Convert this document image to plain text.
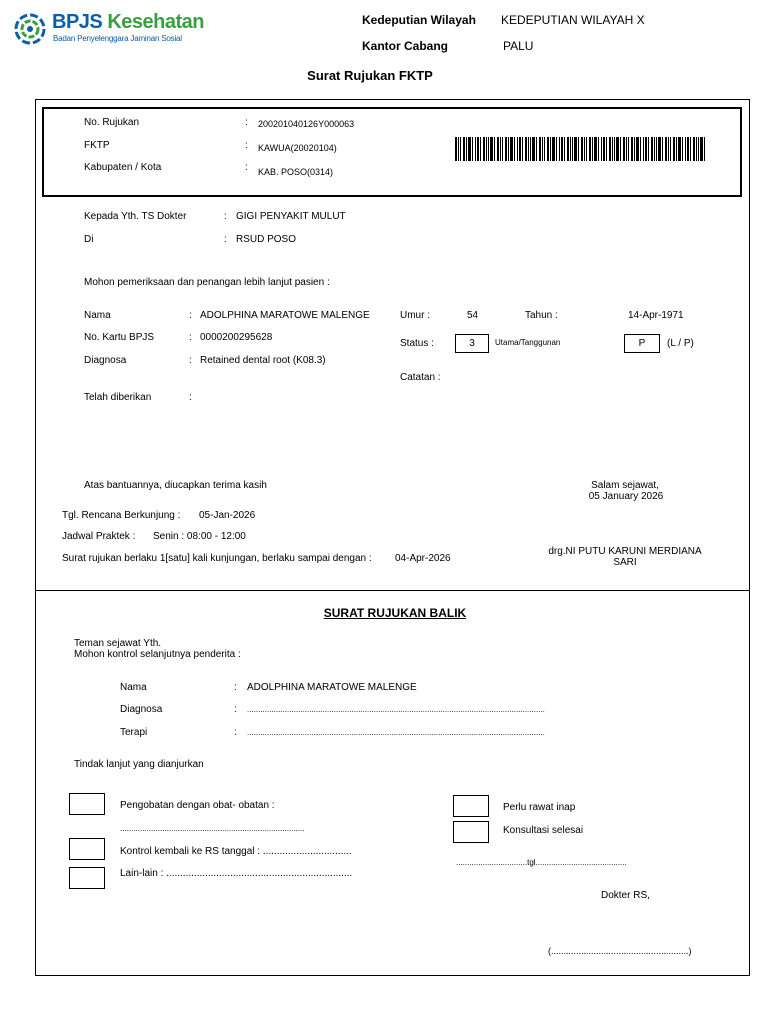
BPJS Kesehatan
Badan Penyelenggara Jaminan Sosial
Kedeputian Wilayah KEDEPUTIAN WILAYAH X
Kantor Cabang	PALU
Surat Rujukan FKTP
No. Rujukan	: 200201040126Y000063
FKTP	: KAWUA(20020104)
Kabupaten / Kota	: KAB. POSO(0314)
Kepada Yth. TS Dokter	: GIGI PENYAKIT MULUT
Di	: RSUD POSO
Mohon pemeriksaan dan penangan lebih lanjut pasien :
Nama	: ADOLPHINA MARATOWE MALENGE
No. Kartu BPJS	: 0000200295628
Diagnosa	: Retained dental root (K08.3)
Telah diberikan	:
Umur :	54	Tahun :	14-Apr-1971
Status :	3	Utama/Tanggunan	P	(L / P)
Catatan :
Atas bantuannya, diucapkan terima kasih	Salam sejawat,
05 January 2026
Tgl. Rencana Berkunjung : 05-Jan-2026
Jadwal Praktek : Senin : 08:00 - 12:00
Surat rujukan berlaku 1[satu] kali kunjungan, berlaku sampai dengan : 04-Apr-2026
drg.NI PUTU KARUNI MERDIANA
SARI
SURAT RUJUKAN BALIK
Teman sejawat Yth.
Mohon kontrol selanjutnya penderita :
Nama	: ADOLPHINA MARATOWE MALENGE
Diagnosa	: ......................................................................................................................................
Terapi	: ......................................................................................................................................
Tindak lanjut yang dianjurkan
Pengobatan dengan obat- obatan :
...................................................................................
Kontrol kembali ke RS tanggal : ................................
Lain-lain : ...................................................................
Perlu rawat inap
Konsultasi selesai
................................tgl.........................................
Dokter RS,
(.......................................................)
